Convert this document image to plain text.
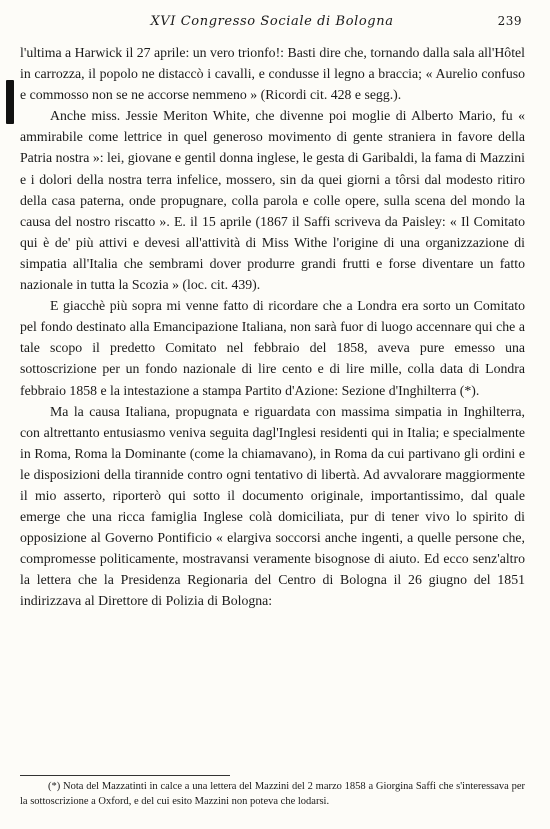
XVI Congresso Sociale di Bologna	239

l'ultima a Harwick il 27 aprile: un vero trionfo!: Basti dire che, tornando dalla sala all'Hôtel in carrozza, il popolo ne distaccò i cavalli, e condusse il legno a braccia; « Aurelio confuso e commosso non se ne accorse nemmeno » (Ricordi cit. 428 e segg.).

Anche miss. Jessie Meriton White, che divenne poi moglie di Alberto Mario, fu « ammirabile come lettrice in quel generoso movimento di gente straniera in favore della Patria nostra »: lei, giovane e gentil donna inglese, le gesta di Garibaldi, la fama di Mazzini e i dolori della nostra terra infelice, mossero, sin da quei giorni a tôrsi dal modesto ritiro della casa paterna, onde propugnare, colla parola e colle opere, sulla scena del mondo la causa del nostro riscatto ». E. il 15 aprile (1867 il Saffi scriveva da Paisley: « Il Comitato qui è de' più attivi e devesi all'attività di Miss Withe l'origine di una organizzazione di simpatia all'Italia che sembrami dover produrre grandi frutti e forse diventare un fatto nazionale in tutta la Scozia » (loc. cit. 439).

E giacchè più sopra mi venne fatto di ricordare che a Londra era sorto un Comitato pel fondo destinato alla Emancipazione Italiana, non sarà fuor di luogo accennare qui che a tale scopo il predetto Comitato nel febbraio del 1858, aveva pure emesso una sottoscrizione per un fondo nazionale di lire cento e di lire mille, colla data di Londra febbraio 1858 e la intestazione a stampa Partito d'Azione: Sezione d'Inghilterra (*).

Ma la causa Italiana, propugnata e riguardata con massima simpatia in Inghilterra, con altrettanto entusiasmo veniva seguita dagl'Inglesi residenti qui in Italia; e specialmente in Roma, Roma la Dominante (come la chiamavano), in Roma da cui partivano gli ordini e le disposizioni della tirannide contro ogni tentativo di libertà. Ad avvalorare maggiormente il mio asserto, riporterò qui sotto il documento originale, importantissimo, dal quale emerge che una ricca famiglia Inglese colà domiciliata, pur di tener vivo lo spirito di opposizione al Governo Pontificio « elargiva soccorsi anche ingenti, a quelle persone che, compromesse politicamente, mostravansi veramente bisognose di aiuto. Ed ecco senz'altro la lettera che la Presidenza Regionaria del Centro di Bologna il 26 giugno del 1851 indirizzava al Direttore di Polizia di Bologna:

(*) Nota del Mazzatinti in calce a una lettera del Mazzini del 2 marzo 1858 a Giorgina Saffi che s'interessava per la sottoscrizione a Oxford, e del cui esito Mazzini non poteva che lodarsi.
